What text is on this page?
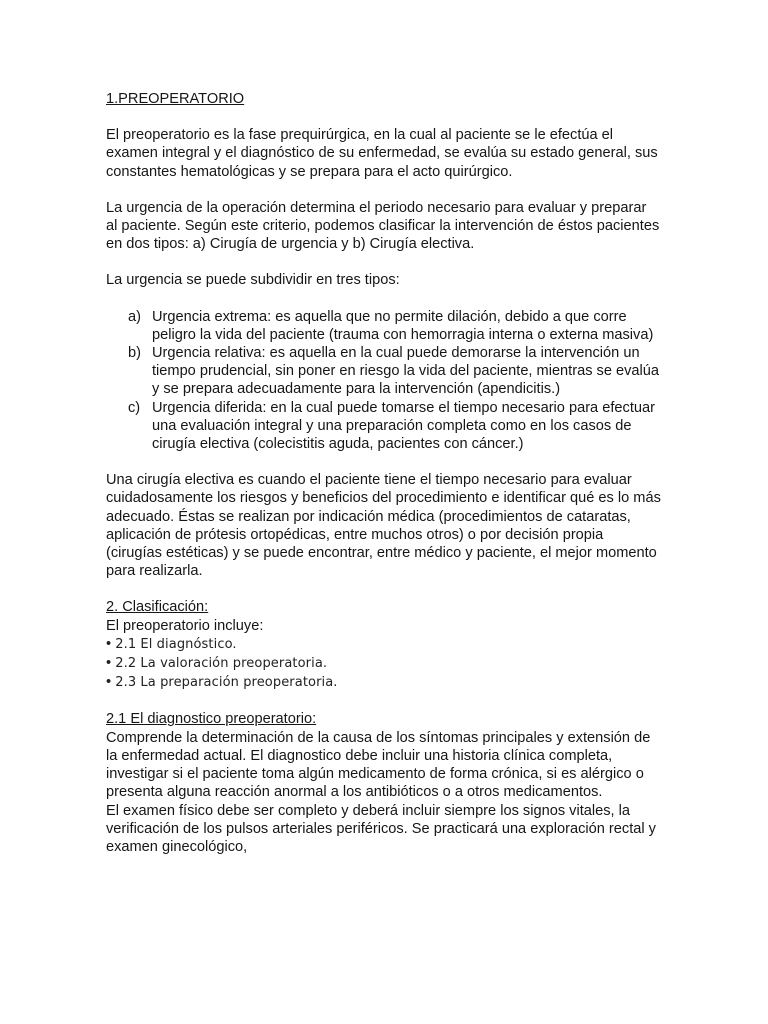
1.PREOPERATORIO

El preoperatorio es la fase prequirúrgica, en la cual al paciente se le efectúa el examen integral y el diagnóstico de su enfermedad, se evalúa su estado general, sus constantes hematológicas y se prepara para el acto quirúrgico.

La urgencia de la operación determina el periodo necesario para evaluar y preparar al paciente. Según este criterio, podemos clasificar la intervención de éstos pacientes en dos tipos: a) Cirugía de urgencia y b) Cirugía electiva.

La urgencia se puede subdividir en tres tipos:

a) Urgencia extrema: es aquella que no permite dilación, debido a que corre peligro la vida del paciente (trauma con hemorragia interna o externa masiva)
b) Urgencia relativa: es aquella en la cual puede demorarse la intervención un tiempo prudencial, sin poner en riesgo la vida del paciente, mientras se evalúa y se prepara adecuadamente para la intervención (apendicitis.)
c) Urgencia diferida: en la cual puede tomarse el tiempo necesario para efectuar una evaluación integral y una preparación completa como en los casos de cirugía electiva (colecistitis aguda, pacientes con cáncer.)

Una cirugía electiva es cuando el paciente tiene el tiempo necesario para evaluar cuidadosamente los riesgos y beneficios del procedimiento e identificar qué es lo más adecuado. Éstas se realizan por indicación médica (procedimientos de cataratas, aplicación de prótesis ortopédicas, entre muchos otros) o por decisión propia (cirugías estéticas) y se puede encontrar, entre médico y paciente, el mejor momento para realizarla.

2. Clasificación:

El preoperatorio incluye:

• 2.1 El diagnóstico.
• 2.2 La valoración preoperatoria.
• 2.3 La preparación preoperatoria.

2.1 El diagnostico preoperatorio:

Comprende la determinación de la causa de los síntomas principales y extensión de la enfermedad actual. El diagnostico debe incluir una historia clínica completa, investigar si el paciente toma algún medicamento de forma crónica, si es alérgico o presenta alguna reacción anormal a los antibióticos o a otros medicamentos.

El examen físico debe ser completo y deberá incluir siempre los signos vitales, la verificación de los pulsos arteriales periféricos. Se practicará una exploración rectal y examen ginecológico,
